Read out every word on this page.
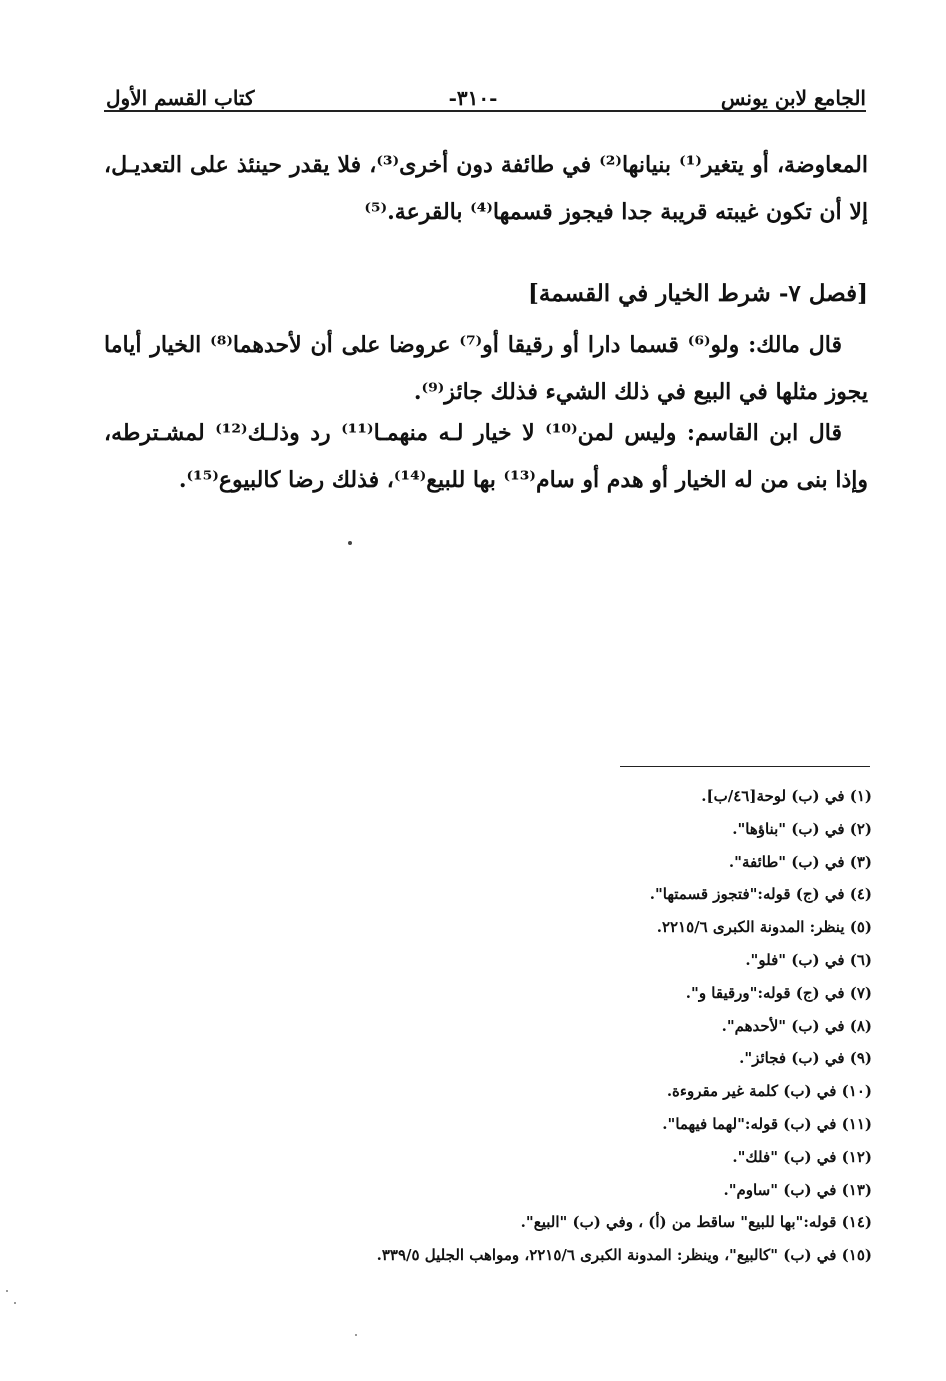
الجامع لابن يونس
-٣١٠-
كتاب القسم الأول

المعاوضة، أو يتغير⁽¹⁾ بنيانها⁽²⁾ في طائفة دون أخرى⁽³⁾، فلا يقدر حينئذ على التعديـل، إلا أن تكون غيبته قريبة جدا فيجوز قسمها⁽⁴⁾ بالقرعة.⁽⁵⁾

[فصل ٧- شرط الخيار في القسمة]

قال مالك: ولو⁽⁶⁾ قسما دارا أو رقيقا أو⁽⁷⁾ عروضا على أن لأحدهما⁽⁸⁾ الخيار أياما يجوز مثلها في البيع في ذلك الشيء فذلك جائز⁽⁹⁾.

قال ابن القاسم: وليس لمن⁽¹⁰⁾ لا خيار لـه منهمـا⁽¹¹⁾ رد وذلـك⁽¹²⁾ لمشـترطه، وإذا بنى من له الخيار أو هدم أو سام⁽¹³⁾ بها للبيع⁽¹⁴⁾، فذلك رضا كالبيوع⁽¹⁵⁾.

(١) في (ب) لوحة[٤٦/ب].
(٢) في (ب) "بناؤها".
(٣) في (ب) "طائفة".
(٤) في (ج) قوله:"فتجوز قسمتها".
(٥) ينظر: المدونة الكبرى ٢٢١٥/٦.
(٦) في (ب) "فلو".
(٧) في (ج) قوله:"ورقيقا و".
(٨) في (ب) "لأحدهم".
(٩) في (ب) فجائز".
(١٠) في (ب) كلمة غير مقروءة.
(١١) في (ب) قوله:"لهما فيهما".
(١٢) في (ب) "فلك".
(١٣) في (ب) "ساوم".
(١٤) قوله:"بها للبيع" ساقط من (أ) ، وفي (ب) "البيع".
(١٥) في (ب) "كالبيع"، وينظر: المدونة الكبرى ٢٢١٥/٦، ومواهب الجليل ٣٣٩/٥.
